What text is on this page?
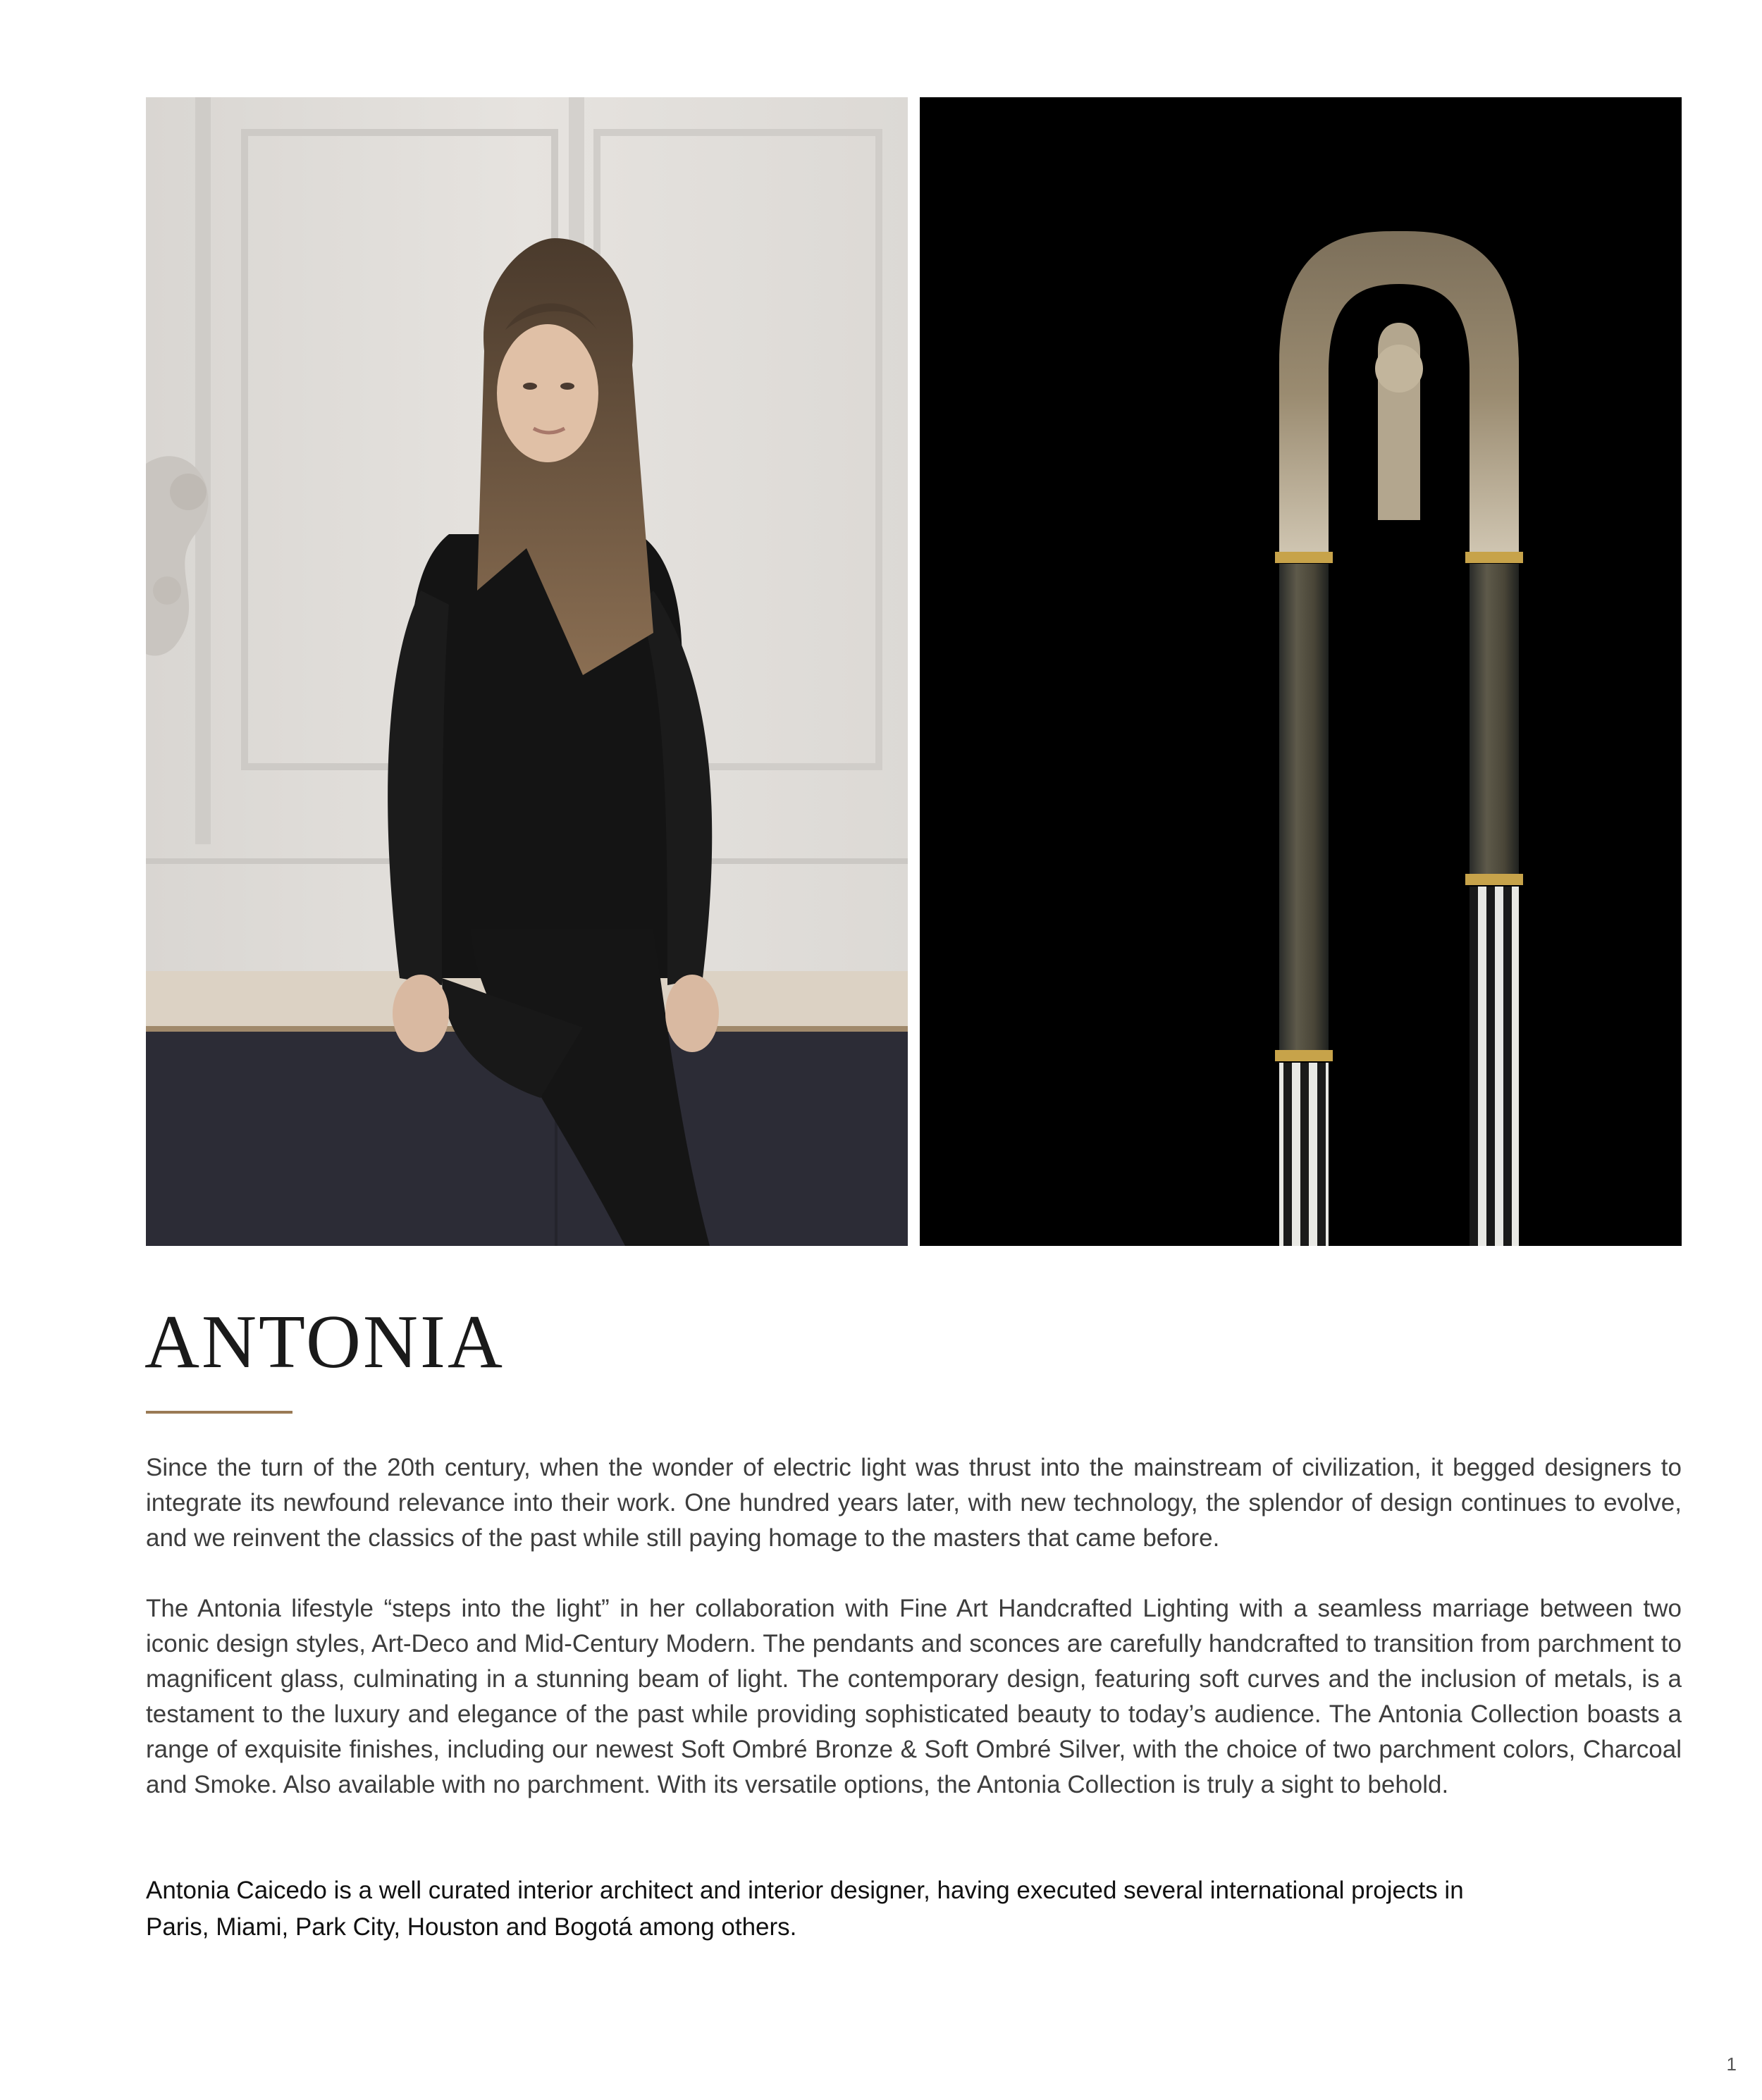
ANTONIA

Since the turn of the 20th century, when the wonder of electric light was thrust into the mainstream of civilization, it begged designers to integrate its newfound relevance into their work. One hundred years later, with new technology, the splendor of design continues to evolve, and we reinvent the classics of the past while still paying homage to the masters that came before.

The Antonia lifestyle “steps into the light” in her collaboration with Fine Art Handcrafted Lighting with a seamless marriage between two iconic design styles, Art-Deco and Mid-Century Modern. The pendants and sconces are carefully handcrafted to transition from parchment to magnificent glass, culminating in a stunning beam of light. The contemporary design, featuring soft curves and the inclusion of metals, is a testament to the luxury and elegance of the past while providing sophisticated beauty to today’s audience. The Antonia Collection boasts a range of exquisite finishes, including our newest Soft Ombré Bronze & Soft Ombré Silver, with the choice of two parchment colors, Charcoal and Smoke. Also available with no parchment. With its versatile options, the Antonia Collection is truly a sight to behold.

Antonia Caicedo is a well curated interior architect and interior designer, having executed several international projects in
Paris, Miami, Park City, Houston and Bogotá among others.
1
